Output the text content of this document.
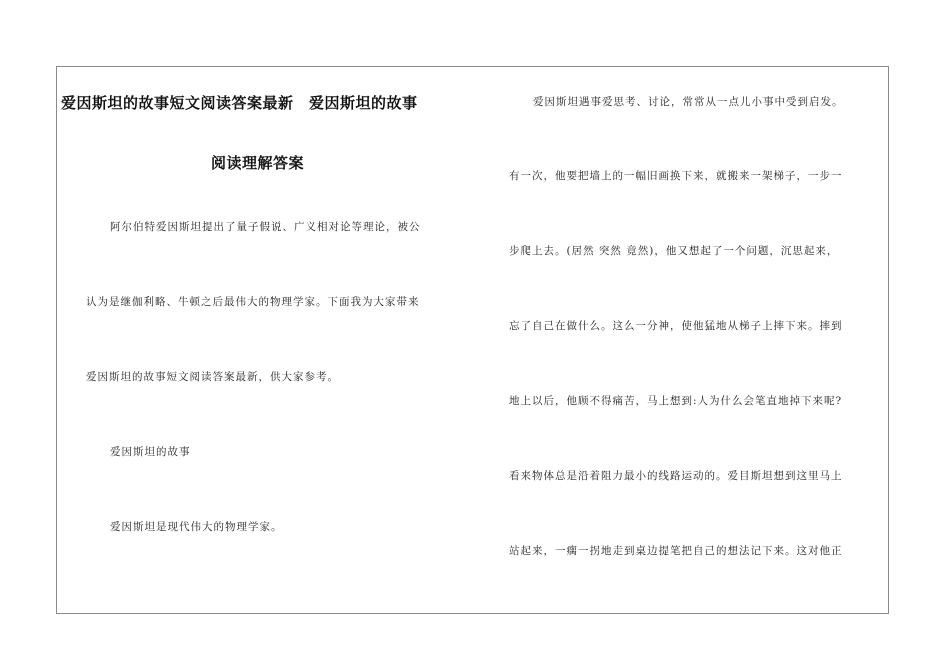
爱因斯坦的故事短文阅读答案最新　爱因斯坦的故事
阅读理解答案
阿尔伯特爱因斯坦提出了量子假说、广义相对论等理论，被公
认为是继伽利略、牛顿之后最伟大的物理学家。下面我为大家带来
爱因斯坦的故事短文阅读答案最新，供大家参考。
爱因斯坦的故事
爱因斯坦是现代伟大的物理学家。
爱因斯坦遇事爱思考、讨论，常常从一点儿小事中受到启发。
有一次，他要把墙上的一幅旧画换下来，就搬来一架梯子，一步一
步爬上去。(居然 突然 竟然)，他又想起了一个问题，沉思起来，
忘了自己在做什么。这么一分神，使他猛地从梯子上摔下来。摔到
地上以后，他顾不得痛苦，马上想到:人为什么会笔直地掉下来呢?
看来物体总是沿着阻力最小的线路运动的。爱目斯坦想到这里马上
站起来，一瘸一拐地走到桌边提笔把自己的想法记下来。这对他正
